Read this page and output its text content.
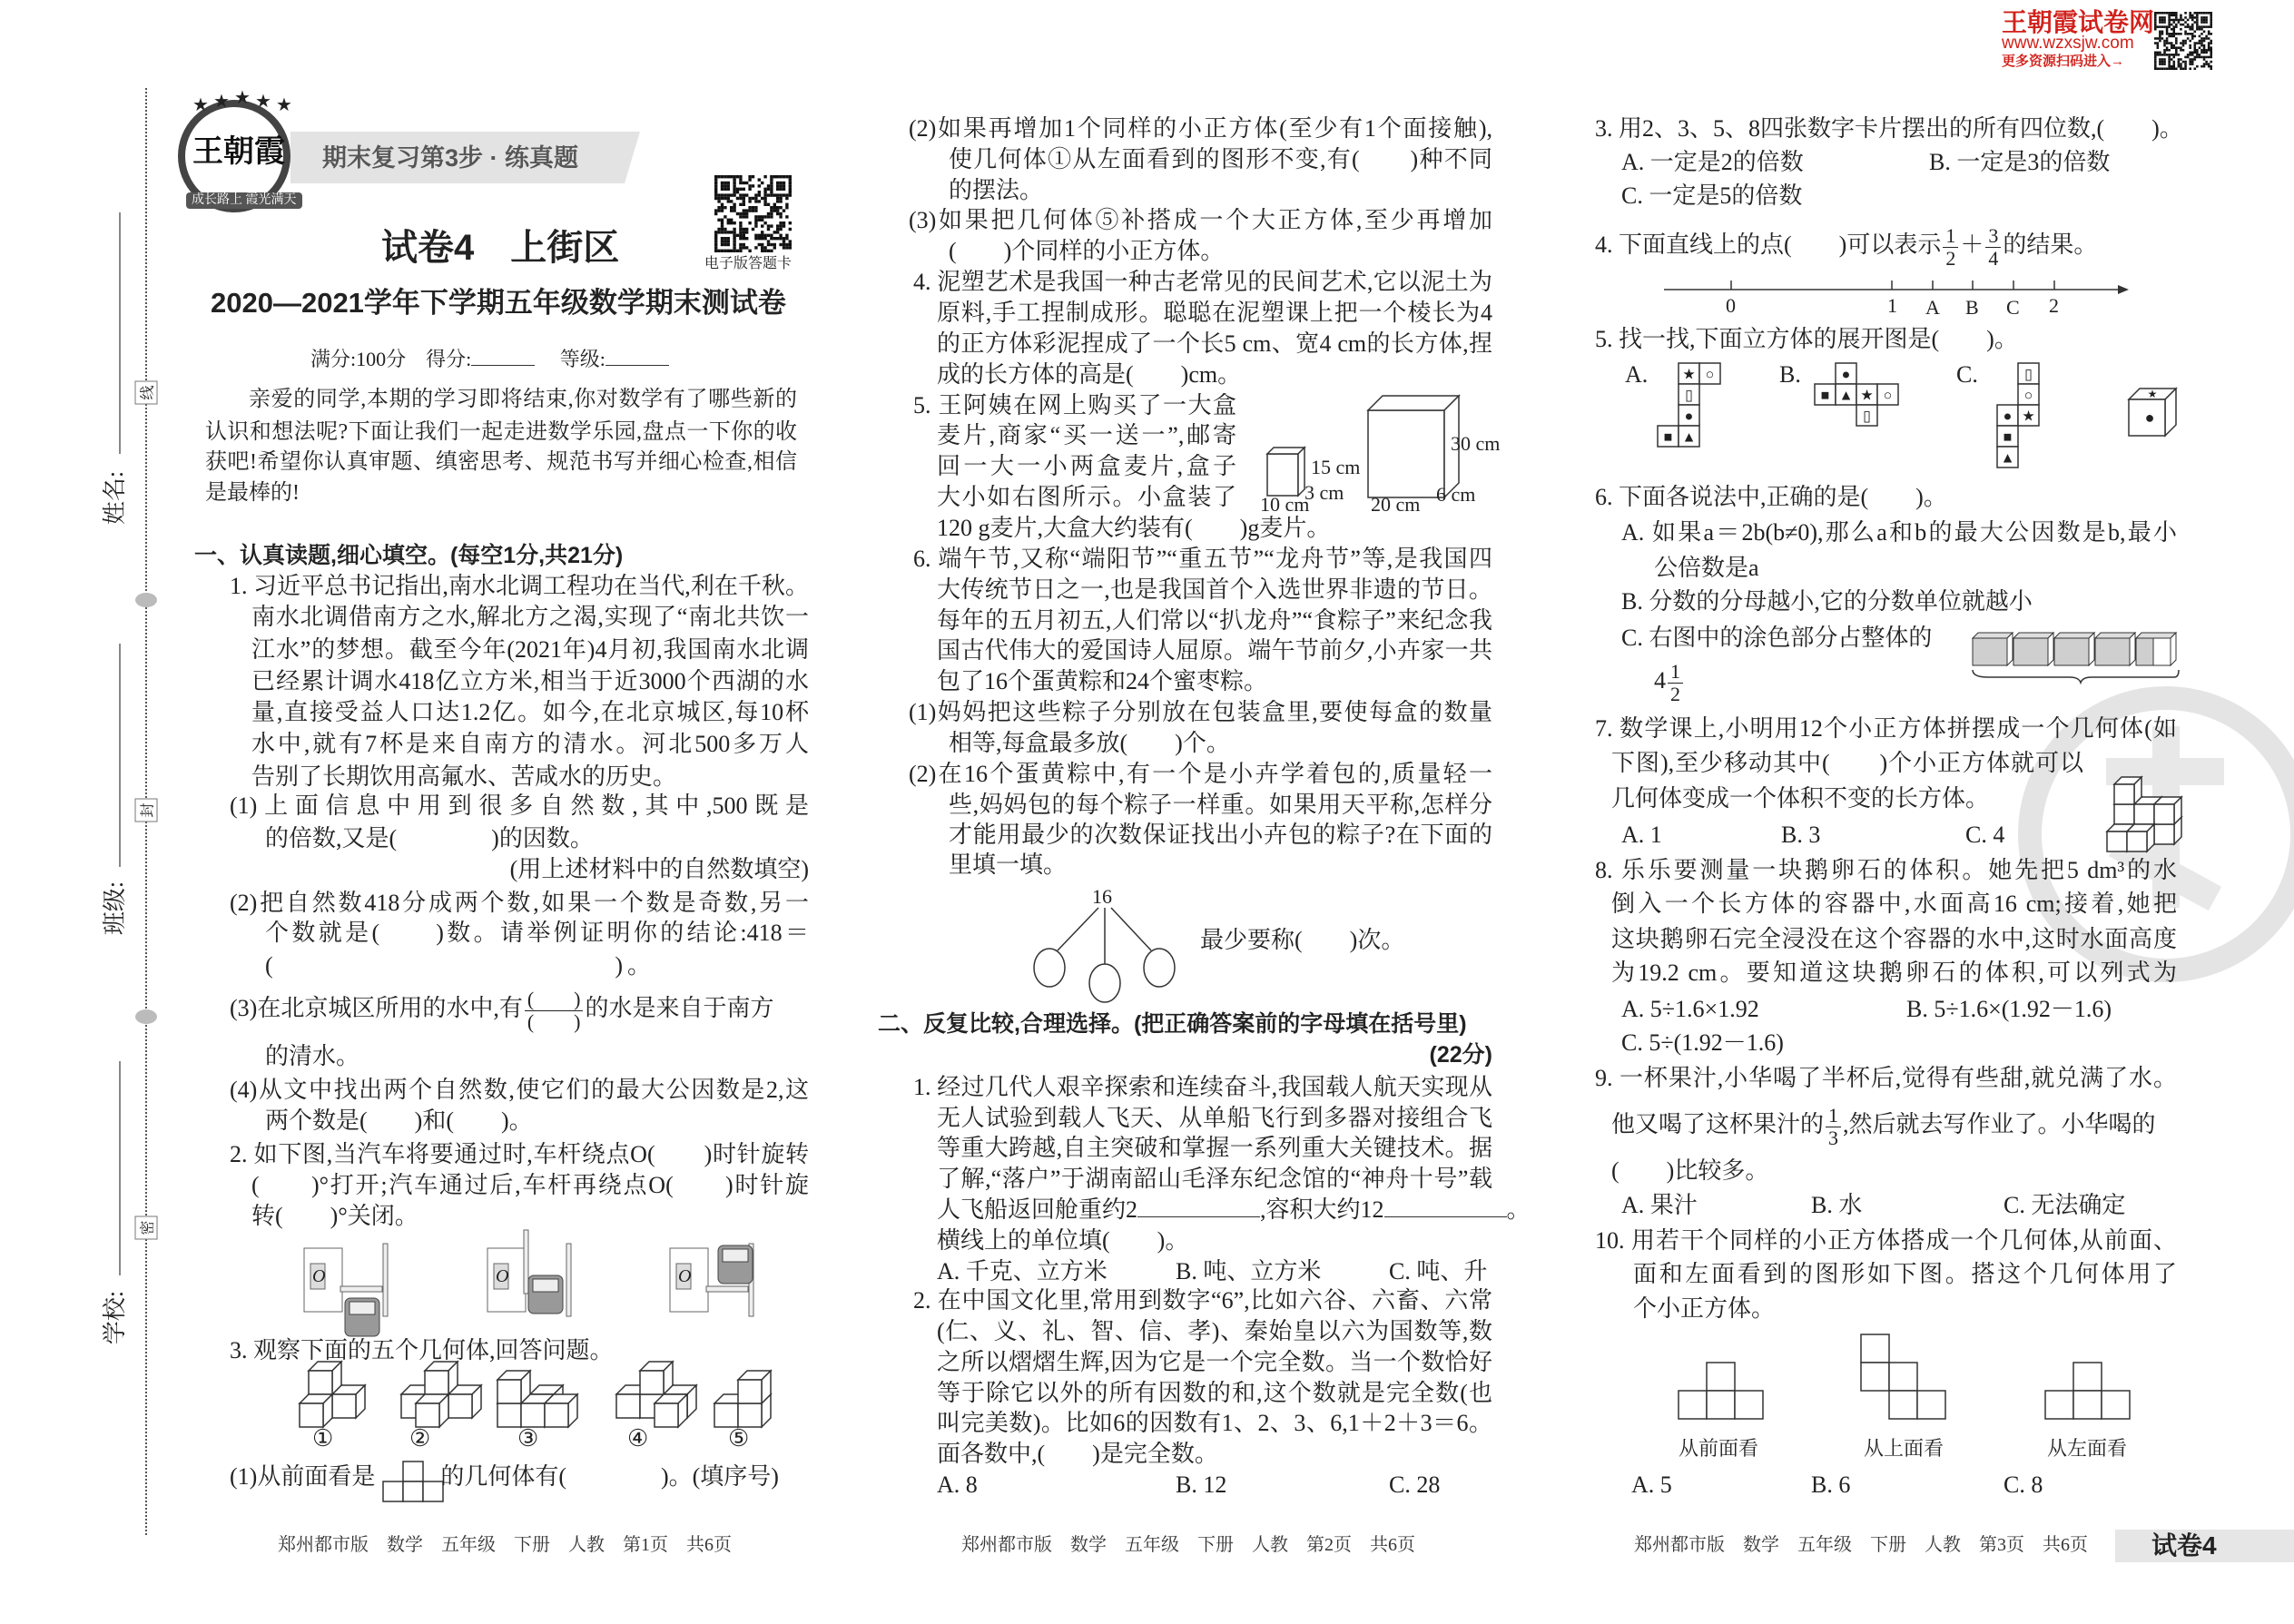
★ ★ ★ ★ ★
★ ○
▯
●
■ ▲
●
■ ▲ ★ ○
▯
▯
○
● ★
■
▲
●
★
15 cm
3 cm
10 cm
30 cm
6 cm
20 cm
16
0	1 A B C 2
O	O	O
姓名:
班级:
学校:
线
封
密
王朝霞
成长路上 霞光满天
期末复习第3步 · 练真题
试卷4　上街区	电子版答题卡
2020—2021学年下学期五年级数学期末测试卷
满分:100分 得分:	等级:
亲爱的同学,本期的学习即将结束,你对数学有了哪些新的
认识和想法呢?下面让我们一起走进数学乐园,盘点一下你的收
获吧!希望你认真审题、缜密思考、规范书写并细心检查,相信
是最棒的!
一、认真读题,细心填空。(每空1分,共21分)
1. 习近平总书记指出,南水北调工程功在当代,利在千秋。
南水北调借南方之水,解北方之渴,实现了“南北共饮一
江水”的梦想。截至今年(2021年)4月初,我国南水北调
已经累计调水418亿立方米,相当于近3000个西湖的水
量,直接受益人口达1.2亿。如今,在北京城区,每10杯
水中,就有7杯是来自南方的清水。河北500多万人
告别了长期饮用高氟水、苦咸水的历史。
(1)上面信息中用到很多自然数,其中,500既是　　　　　　　
的倍数,又是(　　　　)的因数。
(用上述材料中的自然数填空)
(2)把自然数418分成两个数,如果一个数是奇数,另一
个数就是(　　)数。请举例证明你的结论:418＝
(　　　　　　　　　　　　)。
(3)在北京城区所用的水中,有 (　　)
(　　)
的水是来自于南方
的清水。
(4)从文中找出两个自然数,使它们的最大公因数是2,这
两个数是(　　)和(　　)。
2. 如下图,当汽车将要通过时,车杆绕点O(　　)时针旋转
(　　)°打开;汽车通过后,车杆再绕点O(　　)时针旋
转(　　)°关闭。
3. 观察下面的五个几何体,回答问题。
①	②	③	④	⑤
(1)从前面看是	的几何体有(　　　　)。(填序号)
郑州都市版　数学　五年级　下册　人教　第1页　共6页
(2)如果再增加1个同样的小正方体(至少有1个面接触),
使几何体①从左面看到的图形不变,有(　　)种不同
的摆法。
(3)如果把几何体⑤补搭成一个大正方体,至少再增加
(　　)个同样的小正方体。
4. 泥塑艺术是我国一种古老常见的民间艺术,它以泥土为
原料,手工捏制成形。聪聪在泥塑课上把一个棱长为4
的正方体彩泥捏成了一个长5 cm、宽4 cm的长方体,捏
成的长方体的高是(　　)cm。
5. 王阿姨在网上购买了一大盒
麦片,商家“买一送一”,邮寄
回一大一小两盒麦片,盒子
大小如右图所示。小盒装了
120 g麦片,大盒大约装有(　　)g麦片。
6. 端午节,又称“端阳节”“重五节”“龙舟节”等,是我国四
大传统节日之一,也是我国首个入选世界非遗的节日。
每年的五月初五,人们常以“扒龙舟”“食粽子”来纪念我
国古代伟大的爱国诗人屈原。端午节前夕,小卉家一共
包了16个蛋黄粽和24个蜜枣粽。
(1)妈妈把这些粽子分别放在包装盒里,要使每盒的数量
相等,每盒最多放(　　)个。
(2)在16个蛋黄粽中,有一个是小卉学着包的,质量轻一
些,妈妈包的每个粽子一样重。如果用天平称,怎样分
才能用最少的次数保证找出小卉包的粽子?在下面的
里填一填。
最少要称(　　)次。
二、反复比较,合理选择。(把正确答案前的字母填在括号里)
(22分)
1. 经过几代人艰辛探索和连续奋斗,我国载人航天实现从
无人试验到载人飞天、从单船飞行到多器对接组合飞
等重大跨越,自主突破和掌握一系列重大关键技术。据
了解,“落户”于湖南韶山毛泽东纪念馆的“神舟十号”载
人飞船返回舱重约2	,容积大约12	。
横线上的单位填(　　)。
A. 千克、立方米	B. 吨、立方米	C. 吨、升
2. 在中国文化里,常用到数字“6”,比如六谷、六畜、六常
(仁、义、礼、智、信、孝)、秦始皇以六为国数等,数
之所以熠熠生辉,因为它是一个完全数。当一个数恰好
等于除它以外的所有因数的和,这个数就是完全数(也
叫完美数)。比如6的因数有1、2、3、6,1＋2＋3＝6。
面各数中,(　　)是完全数。
A. 8	B. 12	C. 28
郑州都市版　数学　五年级　下册　人教　第2页　共6页
王朝霞试卷网
www.wzxsjw.com
更多资源扫码进入→
3. 用2、3、5、8四张数字卡片摆出的所有四位数,(　　)。
A. 一定是2的倍数	B. 一定是3的倍数
C. 一定是5的倍数
4. 下面直线上的点(　　)可以表示 $\frac{1}{2} + \frac{3}{4}$ 的结果。
5. 找一找,下面立方体的展开图是(　　)。
A.	B.	C.
6. 下面各说法中,正确的是(　　)。
A. 如果a＝2b(b≠0),那么a和b的最大公因数是b,最小
公倍数是a
B. 分数的分母越小,它的分数单位就越小
C. 右图中的涂色部分占整体的
$4 \frac{1}{2}$
7. 数学课上,小明用12个小正方体拼摆成一个几何体(如
下图),至少移动其中(　　)个小正方体就可以
几何体变成一个体积不变的长方体。
A. 1	B. 3	C. 4
8. 乐乐要测量一块鹅卵石的体积。她先把5 dm³的水
倒入一个长方体的容器中,水面高16 cm;接着,她把
这块鹅卵石完全浸没在这个容器的水中,这时水面高度
为19.2 cm。要知道这块鹅卵石的体积,可以列式为　　
A. 5÷1.6×1.92	B. 5÷1.6×(1.92－1.6)
C. 5÷(1.92－1.6)
9. 一杯果汁,小华喝了半杯后,觉得有些甜,就兑满了水。
他又喝了这杯果汁的 $\frac{1}{3}$ ,然后就去写作业了。小华喝的
(　　)比较多。
A. 果汁	B. 水	C. 无法确定
10. 用若干个同样的小正方体搭成一个几何体,从前面、
面和左面看到的图形如下图。搭这个几何体用了　　
个小正方体。
从前面看	从上面看	从左面看
A. 5	B. 6	C. 8
郑州都市版　数学　五年级　下册　人教　第3页　共6页	试卷4
